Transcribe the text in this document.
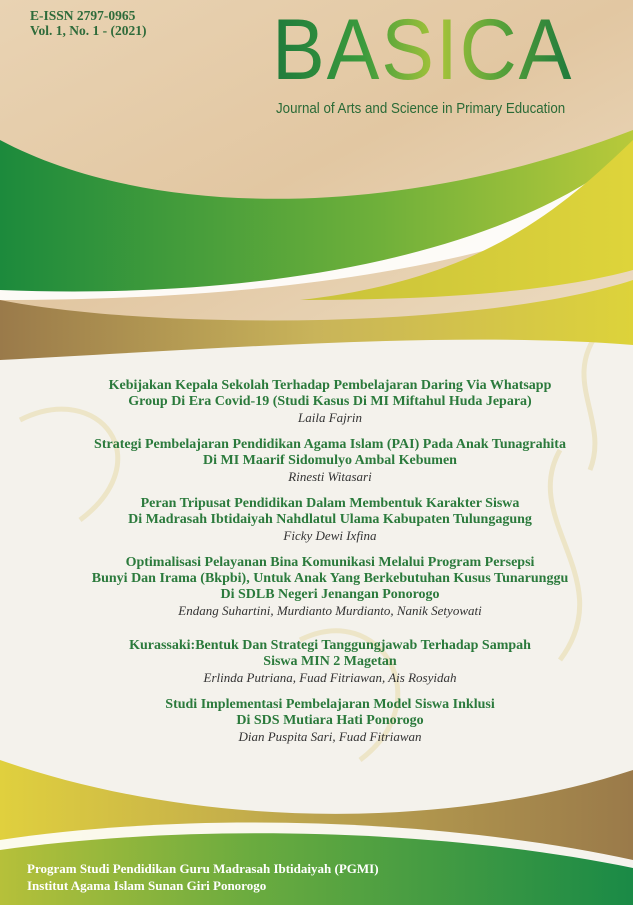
E-ISSN 2797-0965
Vol. 1, No. 1 - (2021) BASICA
Journal of Arts and Science in Primary Education
Kebijakan Kepala Sekolah Terhadap Pembelajaran Daring Via Whatsapp
Group Di Era Covid-19 (Studi Kasus Di MI Miftahul Huda Jepara)
Laila Fajrin
Strategi Pembelajaran Pendidikan Agama Islam (PAI) Pada Anak Tunagrahita
Di MI Maarif Sidomulyo Ambal Kebumen
Rinesti Witasari
Peran Tripusat Pendidikan Dalam Membentuk Karakter Siswa
Di Madrasah Ibtidaiyah Nahdlatul Ulama Kabupaten Tulungagung
Ficky Dewi Ixfina
Optimalisasi Pelayanan Bina Komunikasi Melalui Program Persepsi
Bunyi Dan Irama (Bkpbi), Untuk Anak Yang Berkebutuhan Kusus Tunarunggu
Di SDLB Negeri Jenangan Ponorogo
Endang Suhartini, Murdianto Murdianto, Nanik Setyowati
Kurassaki:Bentuk Dan Strategi Tanggungjawab Terhadap Sampah
Siswa MIN 2 Magetan
Erlinda Putriana, Fuad Fitriawan, Ais Rosyidah
Studi Implementasi Pembelajaran Model Siswa Inklusi
Di SDS Mutiara Hati Ponorogo
Dian Puspita Sari, Fuad Fitriawan
Program Studi Pendidikan Guru Madrasah Ibtidaiyah (PGMI)
Institut Agama Islam Sunan Giri Ponorogo
